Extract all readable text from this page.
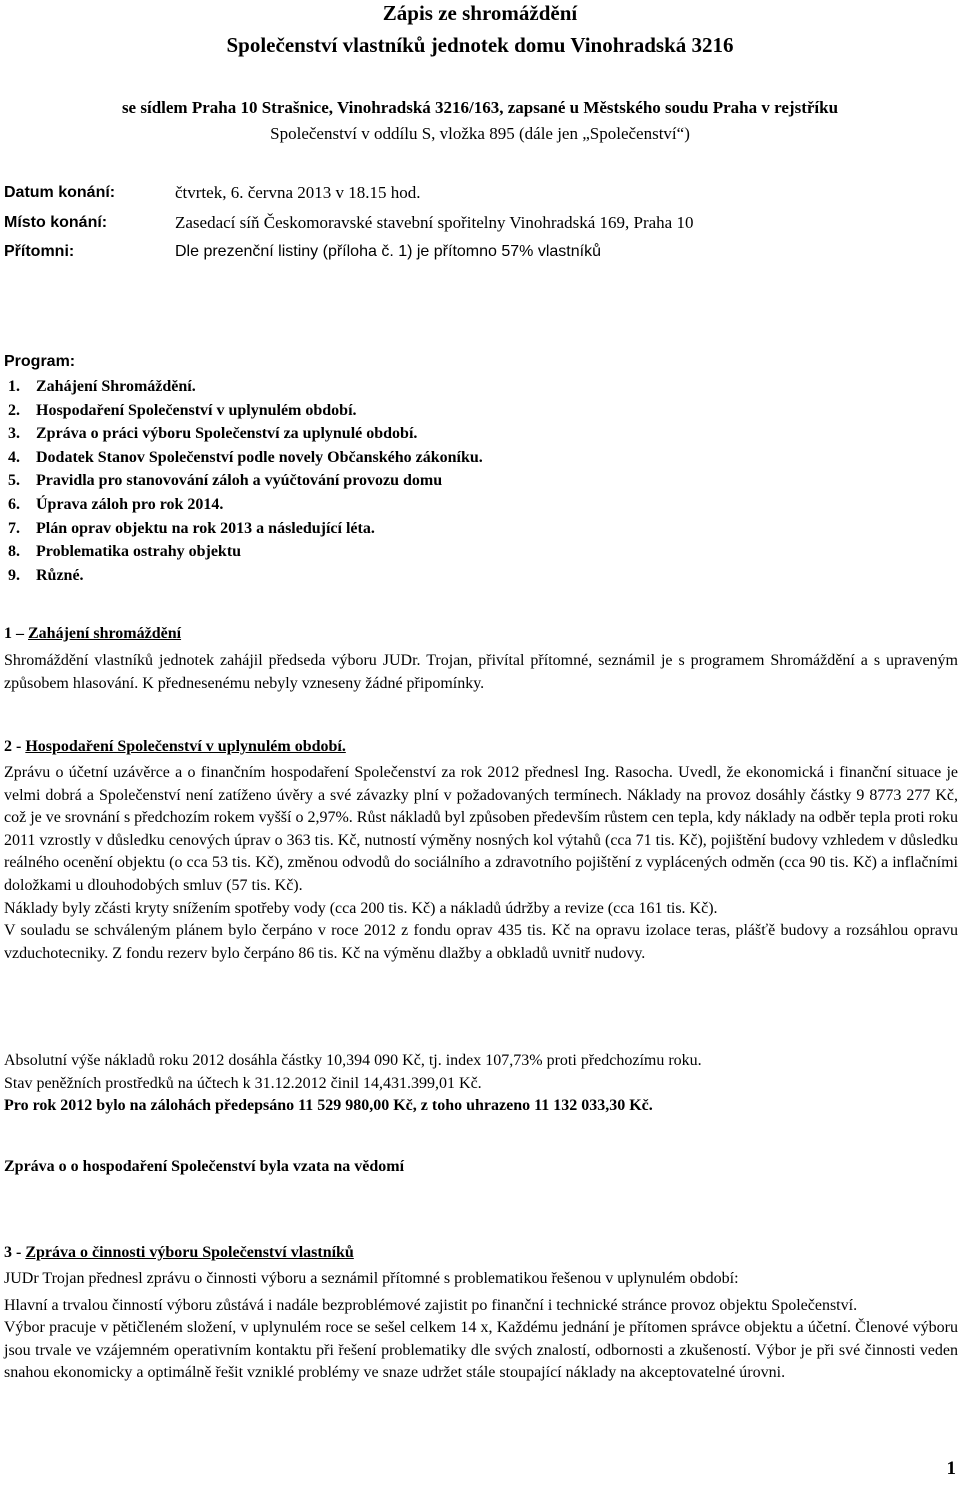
Zápis ze shromáždění
Společenství vlastníků jednotek domu Vinohradská 3216
se sídlem Praha 10 Strašnice, Vinohradská 3216/163, zapsané u Městského soudu Praha v rejstříku
Společenství v oddílu S, vložka 895 (dále jen „Společenství“)
Datum konání:	čtvrtek, 6. června 2013 v 18.15 hod.
Místo konání:	Zasedací síň Českomoravské stavební spořitelny Vinohradská 169, Praha 10
Přítomni:	Dle prezenční listiny (příloha č. 1) je přítomno 57% vlastníků
Program:
1. Zahájení Shromáždění.
2. Hospodaření Společenství v uplynulém období.
3. Zpráva o práci výboru Společenství za uplynulé období.
4. Dodatek Stanov Společenství podle novely Občanského zákoníku.
5. Pravidla pro stanovování záloh a vyúčtování provozu domu
6. Úprava záloh pro rok 2014.
7. Plán oprav objektu na rok 2013 a následující léta.
8. Problematika ostrahy objektu
9. Různé.
1 – Zahájení shromáždění

Shromáždění vlastníků jednotek zahájil předseda výboru JUDr. Trojan, přivítal přítomné, seznámil je s programem Shromáždění a s upraveným způsobem hlasování. K přednesenému nebyly vzneseny žádné připomínky.

2 - Hospodaření Společenství v uplynulém období.

Zprávu o účetní uzávěrce a o finančním hospodaření Společenství za rok 2012 přednesl Ing. Rasocha. Uvedl, že ekonomická i finanční situace je velmi dobrá a Společenství není zatíženo úvěry a své závazky plní v požadovaných termínech. Náklady na provoz dosáhly částky 9 8773 277 Kč, což je ve srovnání s předchozím rokem vyšší o 2,97%. Růst nákladů byl způsoben především růstem cen tepla, kdy náklady na odběr tepla proti roku 2011 vzrostly v důsledku cenových úprav o 363 tis. Kč, nutností výměny nosných kol výtahů (cca 71 tis. Kč), pojištění budovy vzhledem v důsledku reálného ocenění objektu (o cca 53 tis. Kč), změnou odvodů do sociálního a zdravotního pojištění z vyplácených odměn (cca 90 tis. Kč) a inflačními doložkami u dlouhodobých smluv (57 tis. Kč).

Náklady byly zčásti kryty snížením spotřeby vody (cca 200 tis. Kč) a nákladů údržby a revize (cca 161 tis. Kč).

V souladu se schváleným plánem bylo čerpáno v roce 2012 z fondu oprav 435 tis. Kč na opravu izolace teras, plášťě budovy a rozsáhlou opravu vzduchotecniky. Z fondu rezerv bylo čerpáno 86 tis. Kč na výměnu dlažby a obkladů uvnitř nudovy.

Absolutní výše nákladů roku 2012 dosáhla částky 10,394 090 Kč, tj. index 107,73% proti předchozímu roku.

Stav peněžních prostředků na účtech k 31.12.2012 činil 14,431.399,01 Kč.

Pro rok 2012 bylo na zálohách předepsáno 11 529 980,00 Kč, z toho uhrazeno 11 132 033,30 Kč.

Zpráva o o hospodaření Společenství byla vzata na vědomí
3 - Zpráva o činnosti výboru Společenství vlastníků

JUDr Trojan přednesl zprávu o činnosti výboru a seznámil přítomné s problematikou řešenou v uplynulém období:

Hlavní a trvalou činností výboru zůstává i nadále bezproblémové zajistit po finanční i technické stránce provoz objektu Společenství.

Výbor pracuje v pětičleném složení, v uplynulém roce se sešel celkem 14 x, Každému jednání je přítomen správce objektu a účetní. Členové výboru jsou trvale ve vzájemném operativním kontaktu při řešení problematiky dle svých znalostí, odbornosti a zkušeností. Výbor je při své činnosti veden snahou ekonomicky a optimálně řešit vzniklé problémy ve snaze udržet stále stoupající náklady na akceptovatelné úrovni.

1
